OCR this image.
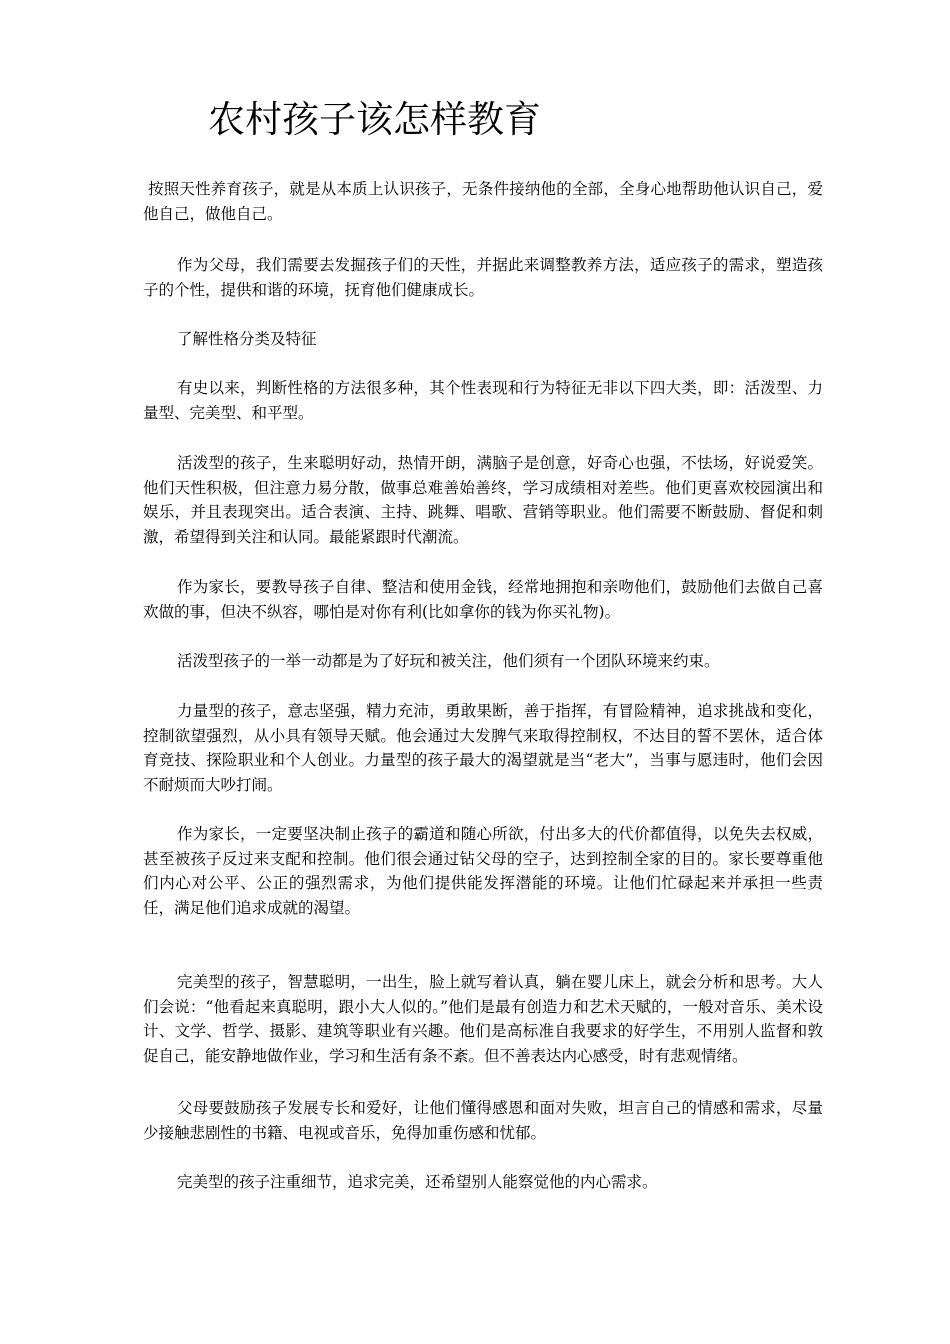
农村孩子该怎样教育

按照天性养育孩子，就是从本质上认识孩子，无条件接纳他的全部，全身心地帮助他认识自己，爱他自己，做他自己。

作为父母，我们需要去发掘孩子们的天性，并据此来调整教养方法，适应孩子的需求，塑造孩子的个性，提供和谐的环境，抚育他们健康成长。

了解性格分类及特征

有史以来，判断性格的方法很多种，其个性表现和行为特征无非以下四大类，即：活泼型、力量型、完美型、和平型。

活泼型的孩子，生来聪明好动，热情开朗，满脑子是创意，好奇心也强，不怯场，好说爱笑。他们天性积极，但注意力易分散，做事总难善始善终，学习成绩相对差些。他们更喜欢校园演出和娱乐，并且表现突出。适合表演、主持、跳舞、唱歌、营销等职业。他们需要不断鼓励、督促和刺激，希望得到关注和认同。最能紧跟时代潮流。

作为家长，要教导孩子自律、整洁和使用金钱，经常地拥抱和亲吻他们，鼓励他们去做自己喜欢做的事，但决不纵容，哪怕是对你有利(比如拿你的钱为你买礼物)。

活泼型孩子的一举一动都是为了好玩和被关注，他们须有一个团队环境来约束。

力量型的孩子，意志坚强，精力充沛，勇敢果断，善于指挥，有冒险精神，追求挑战和变化，控制欲望强烈，从小具有领导天赋。他会通过大发脾气来取得控制权，不达目的誓不罢休，适合体育竞技、探险职业和个人创业。力量型的孩子最大的渴望就是当“老大”，当事与愿违时，他们会因不耐烦而大吵打闹。

作为家长，一定要坚决制止孩子的霸道和随心所欲，付出多大的代价都值得，以免失去权威，甚至被孩子反过来支配和控制。他们很会通过钻父母的空子，达到控制全家的目的。家长要尊重他们内心对公平、公正的强烈需求，为他们提供能发挥潜能的环境。让他们忙碌起来并承担一些责任，满足他们追求成就的渴望。

完美型的孩子，智慧聪明，一出生，脸上就写着认真，躺在婴儿床上，就会分析和思考。大人们会说：“他看起来真聪明，跟小大人似的。”他们是最有创造力和艺术天赋的，一般对音乐、美术设计、文学、哲学、摄影、建筑等职业有兴趣。他们是高标准自我要求的好学生，不用别人监督和敦促自己，能安静地做作业，学习和生活有条不紊。但不善表达内心感受，时有悲观情绪。

父母要鼓励孩子发展专长和爱好，让他们懂得感恩和面对失败，坦言自己的情感和需求，尽量少接触悲剧性的书籍、电视或音乐，免得加重伤感和忧郁。

完美型的孩子注重细节，追求完美，还希望别人能察觉他的内心需求。
